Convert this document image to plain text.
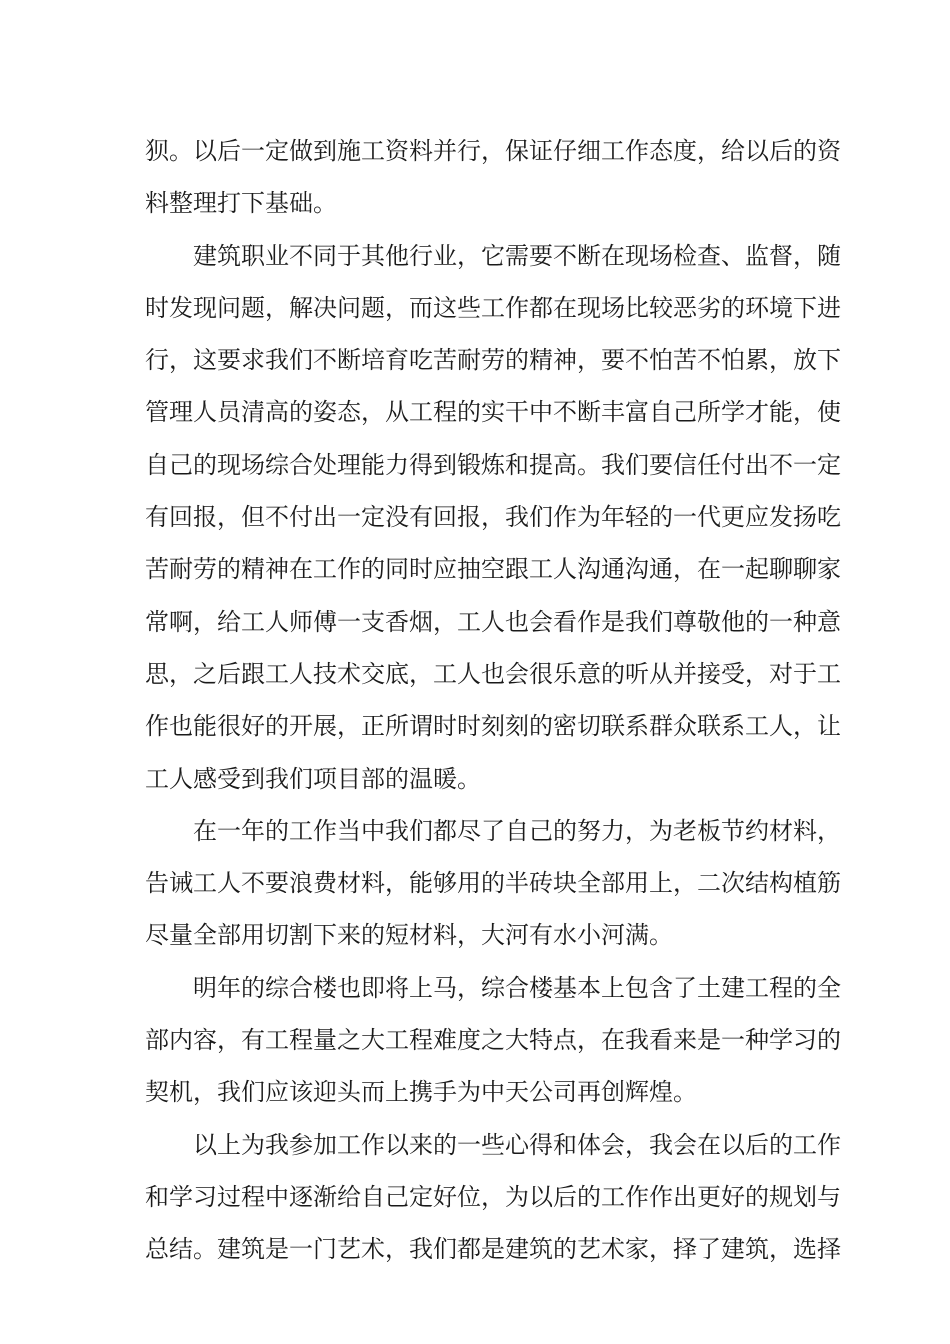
狈。以后一定做到施工资料并行，保证仔细工作态度，给以后的资
料整理打下基础。
建筑职业不同于其他行业，它需要不断在现场检查、监督，随
时发现问题，解决问题，而这些工作都在现场比较恶劣的环境下进
行，这要求我们不断培育吃苦耐劳的精神，要不怕苦不怕累，放下
管理人员清高的姿态，从工程的实干中不断丰富自己所学才能，使
自己的现场综合处理能力得到锻炼和提高。我们要信任付出不一定
有回报，但不付出一定没有回报，我们作为年轻的一代更应发扬吃
苦耐劳的精神在工作的同时应抽空跟工人沟通沟通，在一起聊聊家
常啊，给工人师傅一支香烟，工人也会看作是我们尊敬他的一种意
思，之后跟工人技术交底，工人也会很乐意的听从并接受，对于工
作也能很好的开展，正所谓时时刻刻的密切联系群众联系工人，让
工人感受到我们项目部的温暖。
在一年的工作当中我们都尽了自己的努力，为老板节约材料，
告诫工人不要浪费材料，能够用的半砖块全部用上，二次结构植筋
尽量全部用切割下来的短材料，大河有水小河满。
明年的综合楼也即将上马，综合楼基本上包含了土建工程的全
部内容，有工程量之大工程难度之大特点，在我看来是一种学习的
契机，我们应该迎头而上携手为中天公司再创辉煌。
以上为我参加工作以来的一些心得和体会，我会在以后的工作
和学习过程中逐渐给自己定好位，为以后的工作作出更好的规划与
总结。建筑是一门艺术，我们都是建筑的艺术家，择了建筑，选择
